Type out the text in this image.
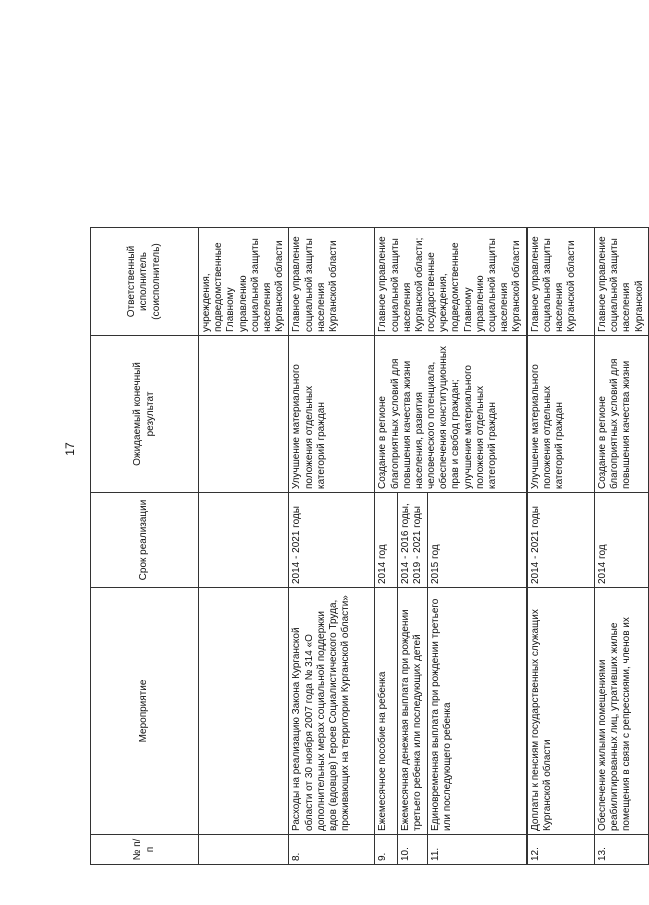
17
№ п/п	Мероприятие	Срок реализации	Ожидаемый конечный результат	Ответственный исполнитель (соисполнитель)
				учреждения, подведомственные Главному управлению социальной защиты населения Курганской области
8.	Расходы на реализацию Закона Курганской области от 30 ноября 2007 года № 314 «О дополнительных мерах социальной поддержки вдов (вдовцов) Героев Социалистического Труда, проживающих на территории Курганской области»	2014 - 2021 годы	Улучшение материального положения отдельных категорий граждан	Главное управление социальной защиты населения Курганской области
9.	Ежемесячное пособие на ребенка	2014 год	Создание в регионе благоприятных условий для повышения качества жизни населения, развития человеческого потенциала, обеспечения конституционных прав и свобод граждан; улучшение материального положения отдельных категорий граждан	Главное управление социальной защиты населения Курганской области; государственные учреждения, подведомственные Главному управлению социальной защиты населения Курганской области
10.	Ежемесячная денежная выплата при рождении третьего ребенка или последующих детей	2014 - 2016 годы, 2019 - 2021 годы		
11.	Единовременная выплата при рождении третьего или последующего ребенка	2015 год		
12.	Доплаты к пенсиям государственных служащих Курганской области	2014 - 2021 годы	Улучшение материального положения отдельных категорий граждан	Главное управление социальной защиты населения Курганской области
13.	Обеспечение жилыми помещениями реабилитированных лиц, утративших жилые помещения в связи с репрессиями, членов их	2014 год	Создание в регионе благоприятных условий для повышения качества жизни	Главное управление социальной защиты населения Курганской
